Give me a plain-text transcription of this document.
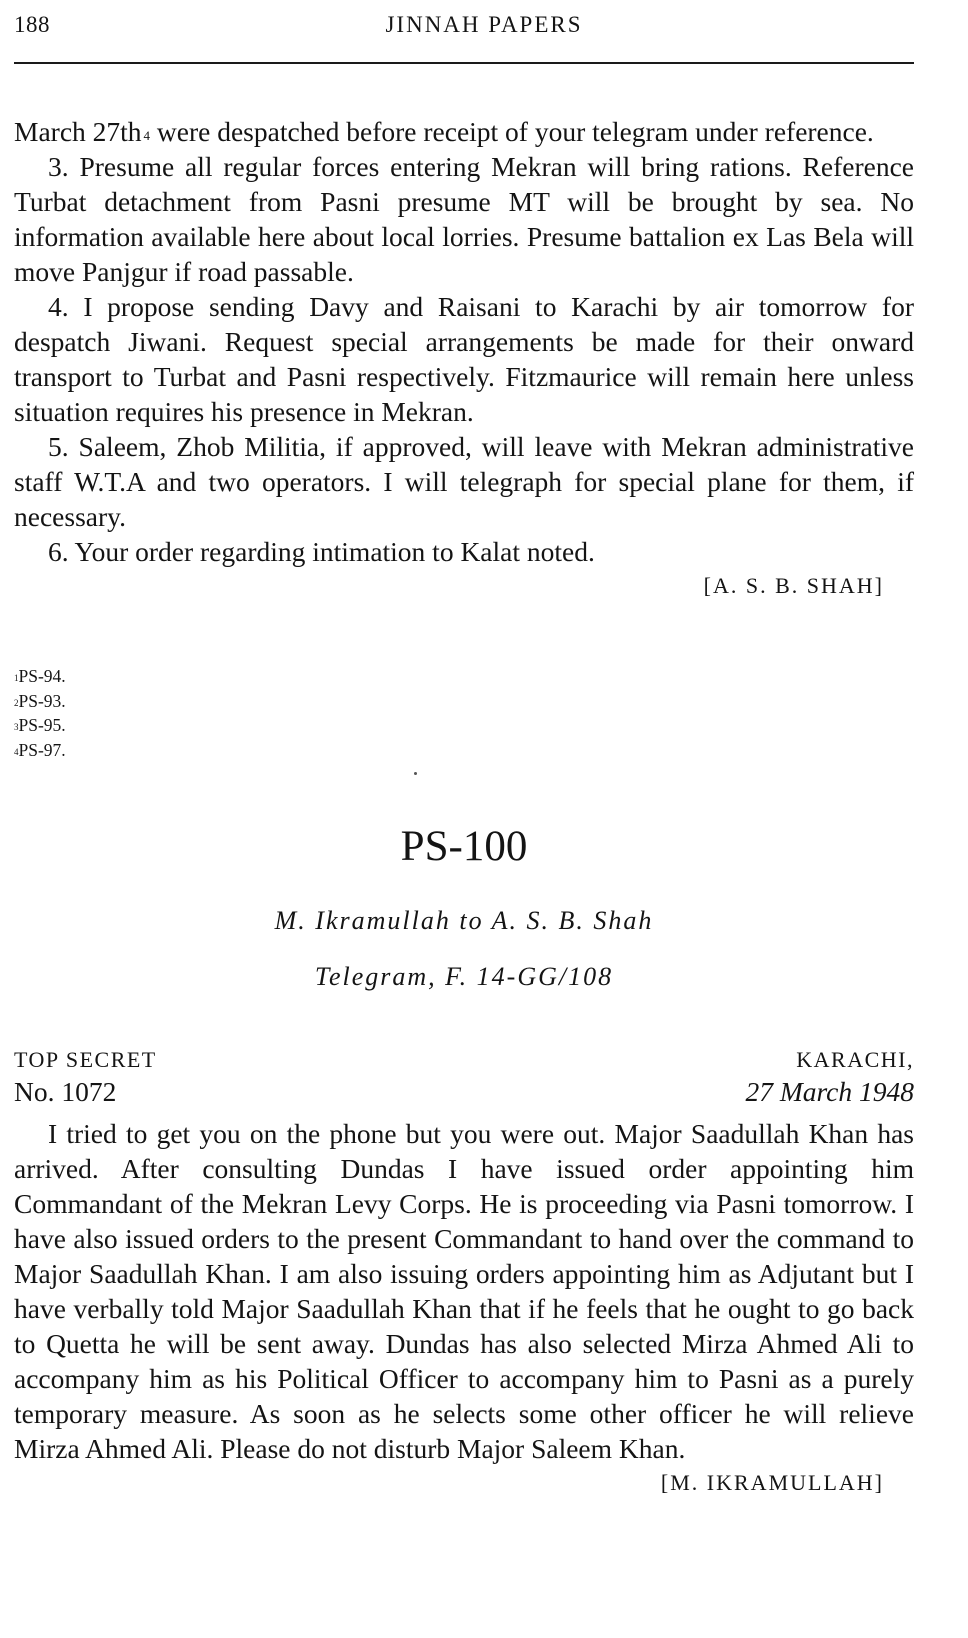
188	JINNAH PAPERS

March 27th $^4$ were despatched before receipt of your telegram under reference.

3. Presume all regular forces entering Mekran will bring rations. Reference Turbat detachment from Pasni presume MT will be brought by sea. No information available here about local lorries. Presume battalion ex Las Bela will move Panjgur if road passable.

4. I propose sending Davy and Raisani to Karachi by air tomorrow for despatch Jiwani. Request special arrangements be made for their onward transport to Turbat and Pasni respectively. Fitzmaurice will remain here unless situation requires his presence in Mekran.

5. Saleem, Zhob Militia, if approved, will leave with Mekran administrative staff W.T.A and two operators. I will telegraph for special plane for them, if necessary.

6. Your order regarding intimation to Kalat noted.

[A. S. B. SHAH]
$^1$PS-94.
$^2$PS-93.
$^3$PS-95.
$^4$PS-97.
PS-100
M. Ikramullah to A. S. B. Shah
Telegram, F. 14-GG/108
TOP SECRET	KARACHI,
No. 1072	27 March 1948

I tried to get you on the phone but you were out. Major Saadullah Khan has arrived. After consulting Dundas I have issued order appointing him Commandant of the Mekran Levy Corps. He is proceeding via Pasni tomorrow. I have also issued orders to the present Commandant to hand over the command to Major Saadullah Khan. I am also issuing orders appointing him as Adjutant but I have verbally told Major Saadullah Khan that if he feels that he ought to go back to Quetta he will be sent away. Dundas has also selected Mirza Ahmed Ali to accompany him as his Political Officer to accompany him to Pasni as a purely temporary measure. As soon as he selects some other officer he will relieve Mirza Ahmed Ali. Please do not disturb Major Saleem Khan.

[M. IKRAMULLAH]
